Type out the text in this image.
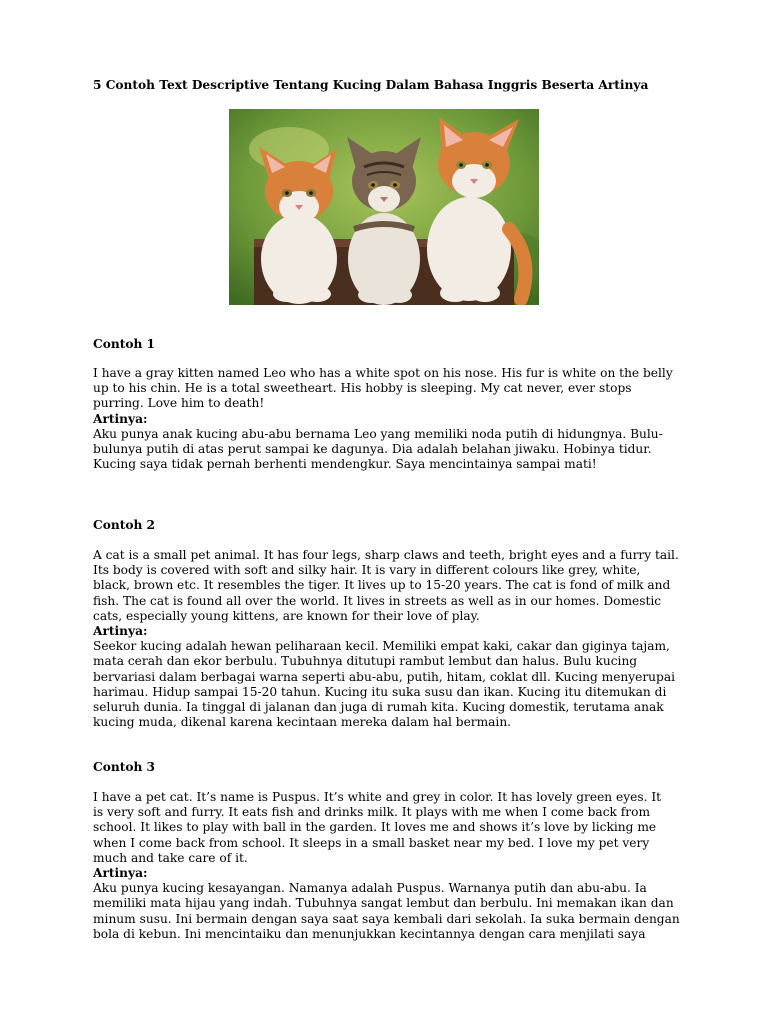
5 Contoh Text Descriptive Tentang Kucing Dalam Bahasa Inggris Beserta Artinya
Contoh 1
I have a gray kitten named Leo who has a white spot on his nose. His fur is white on the belly
up to his chin. He is a total sweetheart. His hobby is sleeping. My cat never, ever stops
purring. Love him to death!
Artinya:
Aku punya anak kucing abu-abu bernama Leo yang memiliki noda putih di hidungnya. Bulu-
bulunya putih di atas perut sampai ke dagunya. Dia adalah belahan jiwaku. Hobinya tidur.
Kucing saya tidak pernah berhenti mendengkur. Saya mencintainya sampai mati!
Contoh 2
A cat is a small pet animal. It has four legs, sharp claws and teeth, bright eyes and a furry tail.
Its body is covered with soft and silky hair. It is vary in different colours like grey, white,
black, brown etc. It resembles the tiger. It lives up to 15-20 years. The cat is fond of milk and
fish. The cat is found all over the world. It lives in streets as well as in our homes. Domestic
cats, especially young kittens, are known for their love of play.
Artinya:
Seekor kucing adalah hewan peliharaan kecil. Memiliki empat kaki, cakar dan giginya tajam,
mata cerah dan ekor berbulu. Tubuhnya ditutupi rambut lembut dan halus. Bulu kucing
bervariasi dalam berbagai warna seperti abu-abu, putih, hitam, coklat dll. Kucing menyerupai
harimau. Hidup sampai 15-20 tahun. Kucing itu suka susu dan ikan. Kucing itu ditemukan di
seluruh dunia. Ia tinggal di jalanan dan juga di rumah kita. Kucing domestik, terutama anak
kucing muda, dikenal karena kecintaan mereka dalam hal bermain.
Contoh 3
I have a pet cat. It’s name is Puspus. It’s white and grey in color. It has lovely green eyes. It
is very soft and furry. It eats fish and drinks milk. It plays with me when I come back from
school. It likes to play with ball in the garden. It loves me and shows it’s love by licking me
when I come back from school. It sleeps in a small basket near my bed. I love my pet very
much and take care of it.
Artinya:
Aku punya kucing kesayangan. Namanya adalah Puspus. Warnanya putih dan abu-abu. Ia
memiliki mata hijau yang indah. Tubuhnya sangat lembut dan berbulu. Ini memakan ikan dan
minum susu. Ini bermain dengan saya saat saya kembali dari sekolah. Ia suka bermain dengan
bola di kebun. Ini mencintaiku dan menunjukkan kecintannya dengan cara menjilati saya
